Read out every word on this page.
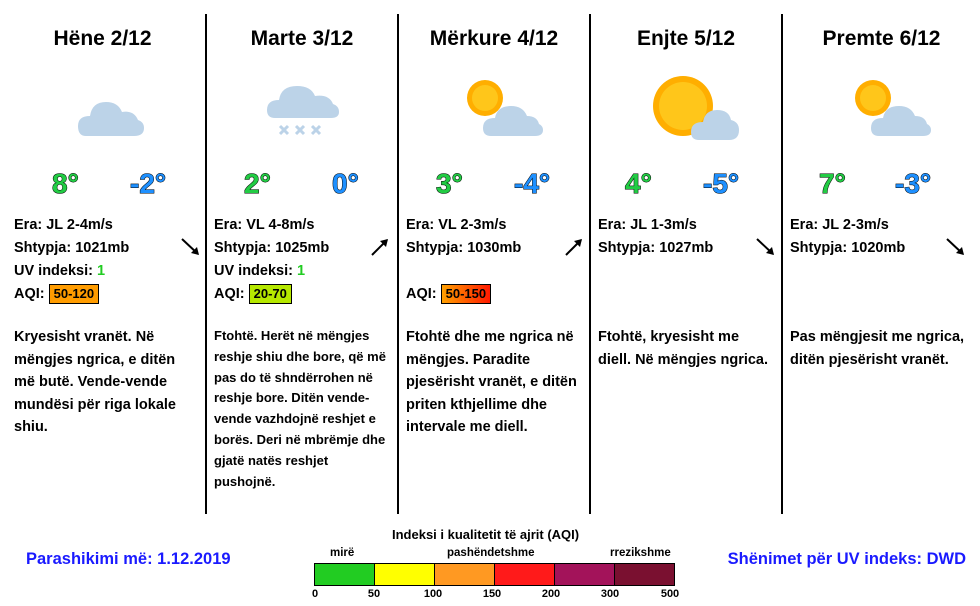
Hëne 2/12
8° -2°
Era: JL 2-4m/s
Shtypja: 1021mb
UV indeksi: 1
AQI: 50-120
Kryesisht vranët. Në mëngjes ngrica, e ditën më butë. Vende-vende mundësi për riga lokale shiu.
Marte 3/12
2° 0°
Era: VL 4-8m/s
Shtypja: 1025mb
UV indeksi: 1
AQI: 20-70
Ftohtë. Herët në mëngjes reshje shiu dhe bore, që më pas do të shndërrohen në reshje bore. Ditën vende-vende vazhdojnë reshjet e borës. Deri në mbrëmje dhe gjatë natës reshjet pushojnë.
Mërkure 4/12
3° -4°
Era: VL 2-3m/s
Shtypja: 1030mb
AQI: 50-150
Ftohtë dhe me ngrica në mëngjes. Paradite pjesërisht vranët, e ditën priten kthjellime dhe intervale me diell.
Enjte 5/12
4° -5°
Era: JL 1-3m/s
Shtypja: 1027mb
Ftohtë, kryesisht me diell. Në mëngjes ngrica.
Premte 6/12
7° -3°
Era: JL 2-3m/s
Shtypja: 1020mb
Pas mëngjesit me ngrica, ditën pjesërisht vranët.
Parashikimi më: 1.12.2019	Shënimet për UV indeks: DWD
Indeksi i kualitetit të ajrit (AQI)
mirë	pashëndetshme	rrezikshme
0	50	100	150	200	300	500
